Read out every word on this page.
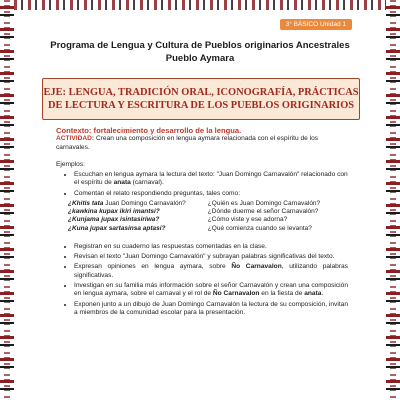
3° BÁSICO Unidad 1
Programa de Lengua y Cultura de Pueblos originarios Ancestrales
Pueblo Aymara
EJE: LENGUA, TRADICIÓN ORAL, ICONOGRAFÍA, PRÁCTICAS
DE LECTURA Y ESCRITURA DE LOS PUEBLOS ORIGINARIOS
Contexto: fortalecimiento y desarrollo de la lengua.
ACTIVIDAD: Crean una composición en lengua aymara relacionada con el espíritu de los carnavales.
Ejemplos:
• Escuchan en lengua aymara la lectura del texto: "Juan Domingo Carnavalón" relacionado con el espíritu de anata (carnaval).
• Comentan el relato respondiendo preguntas, tales como:
¿Khitis tata Juan Domingo Carnavalón?		¿Quién es Juan Domingo Carnavalón?
¿kawkina kupax ikiri imantsi?		¿Dónde duerme el señor Carnavalón?
¿Kunjama jupax isintasiriwa?		¿Cómo viste y ese adorna?
¿Kuna jupax sartasinsa aptasi?		¿Qué comienza cuando se levanta?
• Registran en su cuaderno las respuestas comentadas en la clase.
• Revisan el texto "Juan Domingo Carnavalón" y subrayan palabras significativas del texto.
• Expresan opiniones en lengua aymara, sobre Ño Carnavalon, utilizando palabras significativas.
• Investigan en su familia más información sobre el señor Carnavalón y crean una composición en lengua aymara, sobre el carnaval y el rol de Ño Carnavalon en la fiesta de anata.
• Exponen junto a un dibujo de Juan Domingo Carnavalón la lectura de su composición, invitan a miembros de la comunidad escolar para la presentación.
